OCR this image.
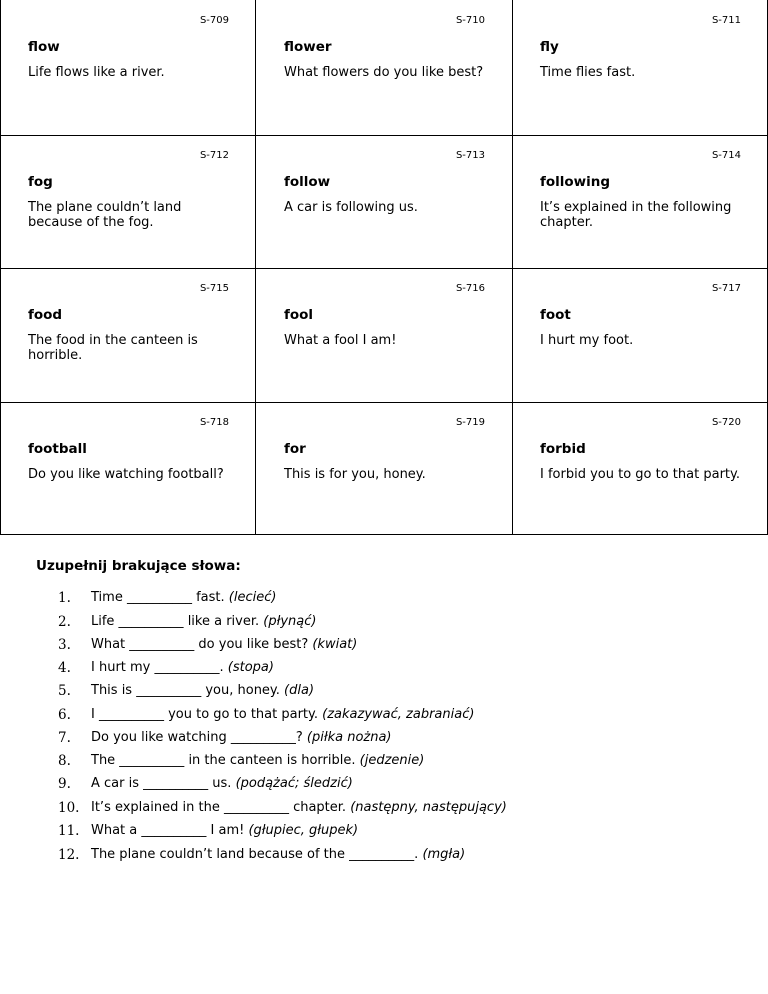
S-709
flow
Life flows like a river.
S-710
flower
What flowers do you like best?
S-711
fly
Time flies fast.
S-712
fog
The plane couldn’t land because of the fog.
S-713
follow
A car is following us.
S-714
following
It’s explained in the following chapter.
S-715
food
The food in the canteen is horrible.
S-716
fool
What a fool I am!
S-717
foot
I hurt my foot.
S-718
football
Do you like watching football?
S-719
for
This is for you, honey.
S-720
forbid
I forbid you to go to that party.
Uzupełnij brakujące słowa:
1.	Time __________ fast. (lecieć)
2.	Life __________ like a river. (płynąć)
3.	What __________ do you like best? (kwiat)
4.	I hurt my __________. (stopa)
5.	This is __________ you, honey. (dla)
6.	I __________ you to go to that party. (zakazywać, zabraniać)
7.	Do you like watching __________? (piłka nożna)
8.	The __________ in the canteen is horrible. (jedzenie)
9.	A car is __________ us. (podążać; śledzić)
10. It’s explained in the __________ chapter. (następny, następujący)
11. What a __________ I am! (głupiec, głupek)
12. The plane couldn’t land because of the __________. (mgła)
